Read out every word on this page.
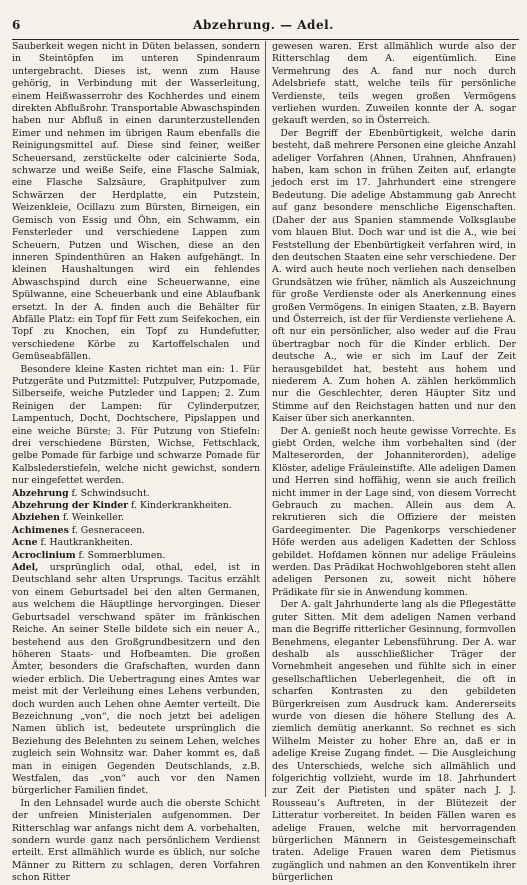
6	Abzehrung. — Adel.

Sauberkeit wegen nicht in Düten belassen, sondern in Steintöpfen im unteren Spindenraum untergebracht. Dieses ist, wenn zum Hause gehörig, in Verbindung mit der Wasserleitung, einem Heißwasserrohr des Kochherdes und einem direkten Abflußrohr. Transportable Abwaschspinden haben nur Abfluß in einen darunterzustellenden Eimer und nehmen im übrigen Raum ebenfalls die Reinigungsmittel auf. Diese sind feiner, weißer Scheuersand, zerstückelte oder calcinierte Soda, schwarze und weiße Seife, eine Flasche Salmiak, eine Flasche Salzsäure, Graphitpulver zum Schwärzen der Herdplatte, ein Putzstein, Weizenkleie, Ocillazu zum Bürsten, Birneigen, ein Gemisch von Essig und Öhn, ein Schwamm, ein Fensterleder und verschiedene Lappen zum Scheuern, Putzen und Wischen, diese an den inneren Spindenthüren an Haken aufgehängt. In kleinen Haushaltungen wird ein fehlendes Abwaschspind durch eine Scheuerwanne, eine Spülwanne, eine Scheuerbank und eine Ablaufbank ersetzt. In der A. finden auch die Behälter für Abfälle Platz: ein Topf für Fett zum Seifekochen, ein Topf zu Knochen, ein Topf zu Hundefutter, verschiedene Körbe zu Kartoffelschalen und Gemüseabfällen.

Besondere kleine Kasten richtet man ein: 1. Für Putzgeräte und Putzmittel: Putzpulver, Putzpomade, Silberseife, weiche Putzleder und Lappen; 2. Zum Reinigen der Lampen: für Cylinderputzer, Lampentuch, Docht, Dochtschere, Pipslappen und eine weiche Bürste; 3. Für Putzung von Stiefeln: drei verschiedene Bürsten, Wichse, Fettschlack, gelbe Pomade für farbige und schwarze Pomade für Kalbslederstiefeln, welche nicht gewichst, sondern nur eingefettet werden.

Abzehrung f. Schwindsucht.

Abzehrung der Kinder f. Kinderkrankheiten.

Abziehen f. Weinkeller.

Achimenes f. Gesneraceen.

Acne f. Hautkrankheiten.

Acroclinium f. Sommerblumen.

Adel, ursprünglich odal, othal, edel, ist in Deutschland sehr alten Ursprungs. Tacitus erzählt von einem Geburtsadel bei den alten Germanen, aus welchem die Häuptlinge hervorgingen. Dieser Geburtsadel verschwand später im fränkischen Reiche. An seiner Stelle bildete sich ein neuer A., bestehend aus den Großgrundbesitzern und den höheren Staats- und Hofbeamten. Die großen Ämter, besonders die Grafschaften, wurden dann wieder erblich. Die Uebertragung eines Amtes war meist mit der Verleihung eines Lehens verbunden, doch wurden auch Lehen ohne Aemter verteilt. Die Bezeichnung „von“, die noch jetzt bei adeligen Namen üblich ist, bedeutete ursprünglich die Beziehung des Belehnten zu seinem Lehen, welches zugleich sein Wohnsitz war. Daher kommt es, daß man in einigen Gegenden Deutschlands, z.B. Westfalen, das „von“ auch vor den Namen bürgerlicher Familien findet.

In den Lehnsadel wurde auch die oberste Schicht der unfreien Ministerialen aufgenommen. Der Ritterschlag war anfangs nicht dem A. vorbehalten, sondern wurde ganz nach persönlichem Verdienst erteilt. Erst allmählich wurde es üblich, nur solche Männer zu Rittern zu schlagen, deren Vorfahren schon Ritter

gewesen waren. Erst allmählich wurde also der Ritterschlag dem A. eigentümlich. Eine Vermehrung des A. fand nur noch durch Adelsbriefe statt, welche teils für persönliche Verdienste, teils wegen großen Vermögens verliehen wurden. Zuweilen konnte der A. sogar gekauft werden, so in Österreich.

Der Begriff der Ebenbürtigkeit, welche darin besteht, daß mehrere Personen eine gleiche Anzahl adeliger Vorfahren (Ahnen, Urahnen, Ahnfrauen) haben, kam schon in frühen Zeiten auf, erlangte jedoch erst im 17. Jahrhundert eine strengere Bedeutung. Die adelige Abstammung gab Anrecht auf ganz besondere menschliche Eigenschaften. (Daher der aus Spanien stammende Volksglaube vom blauen Blut. Doch war und ist die A., wie bei Feststellung der Ebenbürtigkeit verfahren wird, in den deutschen Staaten eine sehr verschiedene. Der A. wird auch heute noch verliehen nach denselben Grundsätzen wie früher, nämlich als Auszeichnung für große Verdienste oder als Anerkennung eines großen Vermögens. In einigen Staaten, z.B. Bayern und Österreich, ist der für Verdienste verliehene A. oft nur ein persönlicher, also weder auf die Frau übertragbar noch für die Kinder erblich. Der deutsche A., wie er sich im Lauf der Zeit herausgebildet hat, besteht aus hohem und niederem A. Zum hohen A. zählen herkömmlich nur die Geschlechter, deren Häupter Sitz und Stimme auf den Reichstagen hatten und nur den Kaiser über sich anerkannten.

Der A. genießt noch heute gewisse Vorrechte. Es giebt Orden, welche ihm vorbehalten sind (der Malteserorden, der Johanniterorden), adelige Klöster, adelige Fräuleinstifte. Alle adeligen Damen und Herren sind hoffähig, wenn sie auch freilich nicht immer in der Lage sind, von diesem Vorrecht Gebrauch zu machen. Allein aus dem A. rekrutieren sich die Offiziere der meisten Gardeegimenter. Die Pagenkorps verschiedener Höfe werden aus adeligen Kadetten der Schloss gebildet. Hofdamen können nur adelige Fräuleins werden. Das Prädikat Hochwohlgeboren steht allen adeligen Personen zu, soweit nicht höhere Prädikate für sie in Anwendung kommen.

Der A. galt Jahrhunderte lang als die Pflegestätte guter Sitten. Mit dem adeligen Namen verband man die Begriffe ritterlicher Gesinnung, formvollen Benehmens, eleganter Lebensführung. Der A. war deshalb als ausschließlicher Träger der Vornehmheit angesehen und fühlte sich in einer gesellschaftlichen Ueberlegenheit, die oft in scharfen Kontrasten zu den gebildeten Bürgerkreisen zum Ausdruck kam. Andererseits wurde von diesen die höhere Stellung des A. ziemlich demütig anerkannt. So rechnet es sich Wilhelm Meister zu hoher Ehre an, daß er in adelige Kreise Zugang findet. — Die Ausgleichung des Unterschieds, welche sich allmählich und folgerichtig vollzieht, wurde im 18. Jahrhundert zur Zeit der Pietisten und später nach J. J. Rousseau’s Auftreten, in der Blütezeit der Litteratur vorbereitet. In beiden Fällen waren es adelige Frauen, welche mit hervorragenden bürgerlichen Männern in Geistesgemeinschaft traten. Adelige Frauen waren dem Pietismus zugänglich und nahmen an den Konventikeln ihrer bürgerlichen
